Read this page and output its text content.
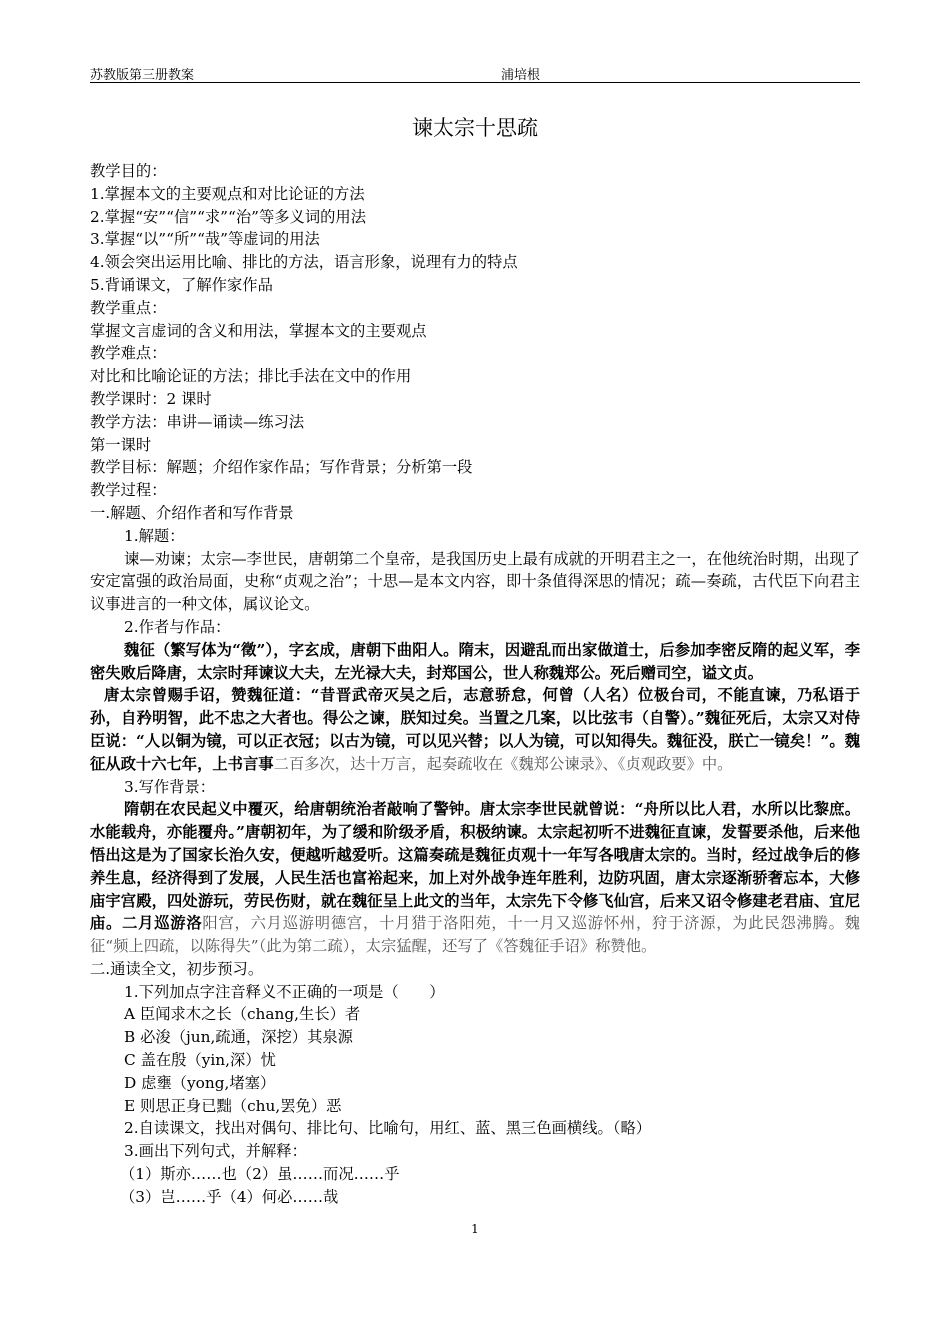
苏教版第三册教案	浦培根
谏太宗十思疏

教学目的：

1.掌握本文的主要观点和对比论证的方法

2.掌握“安”“信”“求”“治”等多义词的用法

3.掌握“以”“所”“哉”等虚词的用法

4.领会突出运用比喻、排比的方法，语言形象，说理有力的特点

5.背诵课文，了解作家作品

教学重点：

掌握文言虚词的含义和用法，掌握本文的主要观点

教学难点：

对比和比喻论证的方法；排比手法在文中的作用

教学课时：2 课时

教学方法：串讲—诵读—练习法

第一课时

教学目标：解题；介绍作家作品；写作背景；分析第一段

教学过程：

一.解题、介绍作者和写作背景

1.解题：

谏—劝谏；太宗—李世民，唐朝第二个皇帝，是我国历史上最有成就的开明君主之一，在他统治时期，出现了安定富强的政治局面，史称“贞观之治”；十思—是本文内容，即十条值得深思的情况；疏—奏疏，古代臣下向君主议事进言的一种文体，属议论文。

2.作者与作品：

魏征（繁写体为“徵”），字玄成，唐朝下曲阳人。隋末，因避乱而出家做道士，后参加李密反隋的起义军，李密失败后降唐，太宗时拜谏议大夫，左光禄大夫，封郑国公，世人称魏郑公。死后赠司空，谥文贞。

唐太宗曾赐手诏，赞魏征道：“昔晋武帝灭吴之后，志意骄怠，何曾（人名）位极台司，不能直谏，乃私语于孙，自矜明智，此不忠之大者也。得公之谏，朕知过矣。当置之几案，以比弦韦（自警）。”魏征死后，太宗又对侍臣说：“人以铜为镜，可以正衣冠；以古为镜，可以见兴替；以人为镜，可以知得失。魏征没，朕亡一镜矣！”。魏征从政十六七年，上书言事二百多次，达十万言，起奏疏收在《魏郑公谏录》、《贞观政要》中。

3.写作背景：

隋朝在农民起义中覆灭，给唐朝统治者敲响了警钟。唐太宗李世民就曾说：“舟所以比人君，水所以比黎庶。水能载舟，亦能覆舟。”唐朝初年，为了缓和阶级矛盾，积极纳谏。太宗起初听不进魏征直谏，发誓要杀他，后来他悟出这是为了国家长治久安，便越听越爱听。这篇奏疏是魏征贞观十一年写各哦唐太宗的。当时，经过战争后的修养生息，经济得到了发展，人民生活也富裕起来，加上对外战争连年胜利，边防巩固，唐太宗逐渐骄奢忘本，大修庙宇宫殿，四处游玩，劳民伤财，就在魏征呈上此文的当年，太宗先下令修飞仙宫，后来又诏令修建老君庙、宜尼庙。二月巡游洛阳宫，六月巡游明德宫，十月猎于洛阳苑，十一月又巡游怀州，狩于济源，为此民怨沸腾。魏征“频上四疏，以陈得失”（此为第二疏），太宗猛醒，还写了《答魏征手诏》称赞他。

二.通读全文，初步预习。

1.下列加点字注音释义不正确的一项是（　　）

A 臣闻求木之长（chang,生长）者

B 必浚（jun,疏通，深挖）其泉源

C 盖在殷（yin,深）忧

D 虑壅（yong,堵塞）

E 则思正身已黜（chu,罢免）恶

2.自读课文，找出对偶句、排比句、比喻句，用红、蓝、黑三色画横线。（略）

3.画出下列句式，并解释：

（1）斯亦……也（2）虽……而况……乎

（3）岂……乎（4）何必……哉

1
